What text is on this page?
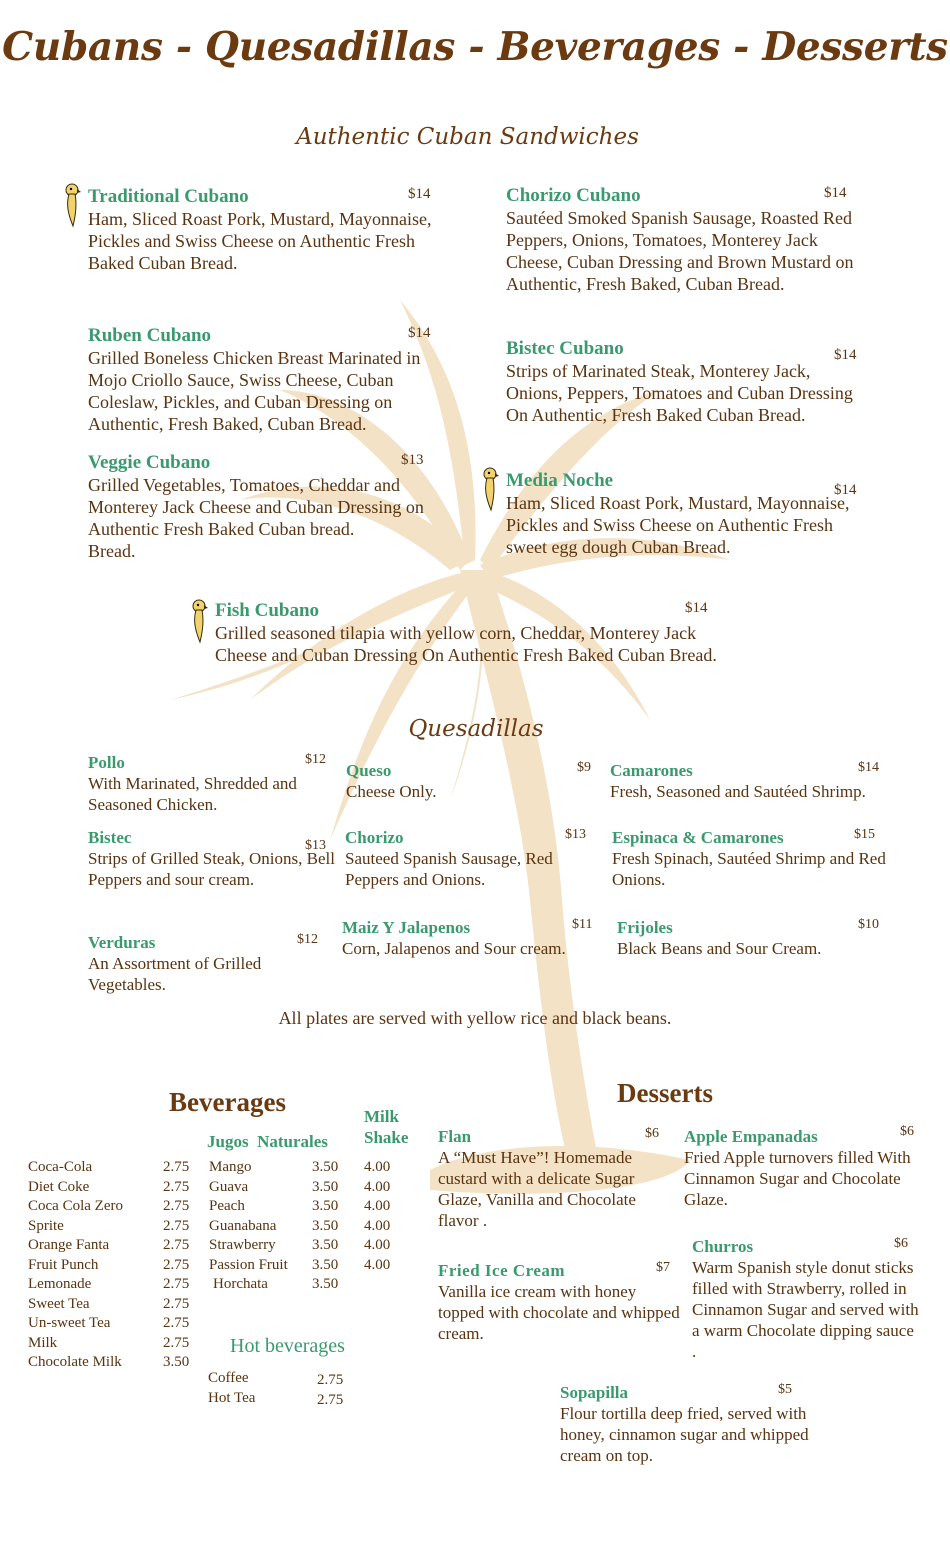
Cubans - Quesadillas - Beverages - Desserts
Authentic Cuban Sandwiches
Traditional Cubano	$14
Ham, Sliced Roast Pork, Mustard, Mayonnaise, Pickles and Swiss Cheese on Authentic Fresh Baked Cuban Bread.
Chorizo Cubano	$14
Sautéed Smoked Spanish Sausage, Roasted Red Peppers, Onions, Tomatoes, Monterey Jack Cheese, Cuban Dressing and Brown Mustard on Authentic, Fresh Baked, Cuban Bread.
Ruben Cubano	$14
Grilled Boneless Chicken Breast Marinated in Mojo Criollo Sauce, Swiss Cheese, Cuban Coleslaw, Pickles, and Cuban Dressing on Authentic, Fresh Baked, Cuban Bread.
Bistec Cubano	$14
Strips of Marinated Steak, Monterey Jack, Onions, Peppers, Tomatoes and Cuban Dressing On Authentic, Fresh Baked Cuban Bread.
Veggie Cubano	$13
Grilled Vegetables, Tomatoes, Cheddar and Monterey Jack Cheese and Cuban Dressing on Authentic Fresh Baked Cuban bread.
Bread.
Media Noche	$14
Ham, Sliced Roast Pork, Mustard, Mayonnaise, Pickles and Swiss Cheese on Authentic Fresh sweet egg dough Cuban Bread.
Fish Cubano	$14
Grilled seasoned tilapia with yellow corn, Cheddar, Monterey Jack Cheese and Cuban Dressing On Authentic Fresh Baked Cuban Bread.
Quesadillas
Pollo	$12
With Marinated, Shredded and Seasoned Chicken.
Queso	$9
Cheese Only.
Camarones	$14
Fresh, Seasoned and Sautéed Shrimp.
Bistec	$13
Strips of Grilled Steak, Onions, Bell Peppers and sour cream.
Chorizo	$13
Sauteed Spanish Sausage, Red Peppers and Onions.
Espinaca & Camarones	$15
Fresh Spinach, Sautéed Shrimp and Red Onions.
Verduras	$12
An Assortment of Grilled Vegetables.
Maiz Y Jalapenos	$11
Corn, Jalapenos and Sour cream.
Frijoles	$10
Black Beans and Sour Cream.
All plates are served with yellow rice and black beans.
Beverages
Coca-Cola	2.75
Diet Coke	2.75
Coca Cola Zero	2.75
Sprite	2.75
Orange Fanta	2.75
Fruit Punch	2.75
Lemonade	2.75
Sweet Tea	2.75
Un-sweet Tea	2.75
Milk	2.75
Chocolate Milk	3.50
Jugos  Naturales
Milk
Shake
Mango	3.50 4.00
Guava	3.50 4.00
Peach	3.50 4.00
Guanabana 3.50 4.00
Strawberry 3.50 4.00
Passion Fruit 3.50 4.00
Horchata	3.50
Hot beverages
Coffee	2.75
Hot Tea	2.75
Desserts
Flan	$6
A “Must Have”! Homemade custard with a delicate Sugar Glaze, Vanilla and Chocolate flavor .
Apple Empanadas	$6
Fried Apple turnovers filled With Cinnamon Sugar and Chocolate Glaze.
Fried Ice Cream	$7
Vanilla ice cream with honey topped with chocolate and whipped cream.
Churros	$6
Warm Spanish style donut sticks filled with Strawberry, rolled in Cinnamon Sugar and served with a warm Chocolate dipping sauce .
Sopapilla	$5
Flour tortilla deep fried, served with honey, cinnamon sugar and whipped cream on top.
